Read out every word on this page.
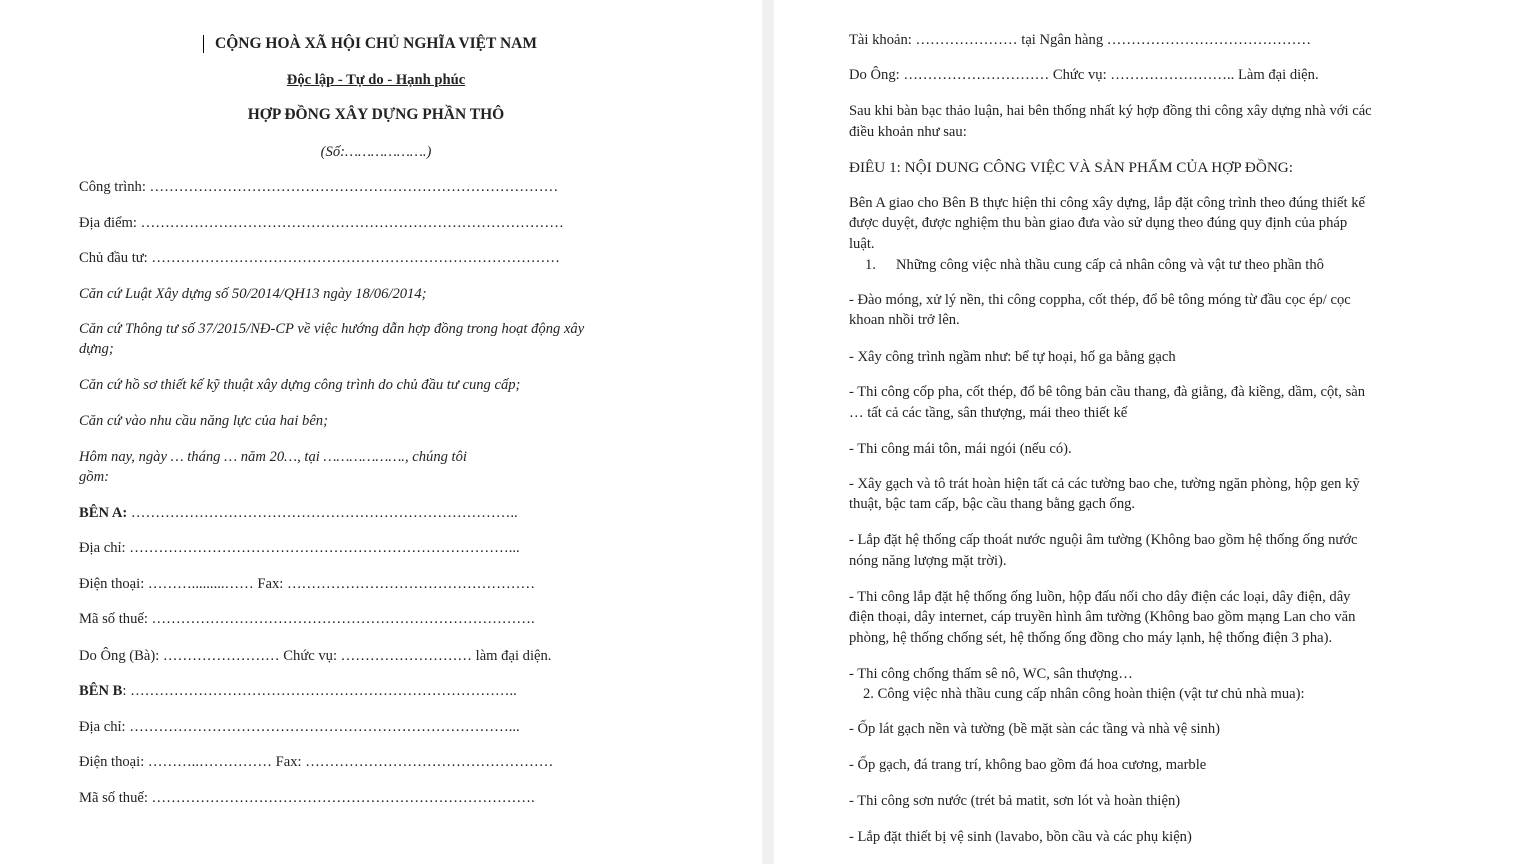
CỘNG HOÀ XÃ HỘI CHỦ NGHĨA VIỆT NAM
Độc lập - Tự do - Hạnh phúc
HỢP ĐỒNG XÂY DỰNG PHẦN THÔ
(Số:……………….)
Công trình: …………………………………………………………………………
Địa điểm: ……………………………………………………………………………
Chủ đầu tư: …………………………………………………………………………
Căn cứ Luật Xây dựng số 50/2014/QH13 ngày 18/06/2014;
Căn cứ Thông tư số 37/2015/NĐ-CP về việc hướng dẫn hợp đồng trong hoạt động xây
dựng;
Căn cứ hồ sơ thiết kế kỹ thuật xây dựng công trình do chủ đầu tư cung cấp;
Căn cứ vào nhu cầu năng lực của hai bên;
Hôm nay, ngày … tháng … năm 20…, tại ………………., chúng tôi
gồm:
BÊN A: ……………………………………………………………………..
Địa chỉ: ……………………………………………………………………...
Điện thoại: ……….........…… Fax: ……………………………………………
Mã số thuế: …………………………………………………………………….
Do Ông (Bà): …………………… Chức vụ: ……………………… làm đại diện.
BÊN B: ……………………………………………………………………..
Địa chỉ: ……………………………………………………………………...
Điện thoại: ………..…………… Fax: ……………………………………………
Mã số thuế: …………………………………………………………………….
Tài khoản: ………………… tại Ngân hàng ……………………………………
Do Ông: ………………………… Chức vụ: …………………….. Làm đại diện.
Sau khi bàn bạc thảo luận, hai bên thống nhất ký hợp đồng thi công xây dựng nhà với các
điều khoản như sau:
ĐIÊU 1: NỘI DUNG CÔNG VIỆC VÀ SẢN PHẨM CỦA HỢP ĐỒNG:
Bên A giao cho Bên B thực hiện thi công xây dựng, lắp đặt công trình theo đúng thiết kế
được duyệt, được nghiệm thu bàn giao đưa vào sử dụng theo đúng quy định của pháp
luật.
1. Những công việc nhà thầu cung cấp cả nhân công và vật tư theo phần thô
- Đào móng, xử lý nền, thi công coppha, cốt thép, đổ bê tông móng từ đầu cọc ép/ cọc
khoan nhồi trở lên.
- Xây công trình ngầm như: bể tự hoại, hố ga bằng gạch
- Thi công cốp pha, cốt thép, đổ bê tông bản cầu thang, đà giằng, đà kiềng, dầm, cột, sàn
… tất cả các tầng, sân thượng, mái theo thiết kế
- Thi công mái tôn, mái ngói (nếu có).
- Xây gạch và tô trát hoàn hiện tất cả các tường bao che, tường ngăn phòng, hộp gen kỹ
thuật, bậc tam cấp, bậc cầu thang bằng gạch ống.
- Lắp đặt hệ thống cấp thoát nước nguội âm tường (Không bao gồm hệ thống ống nước
nóng năng lượng mặt trời).
- Thi công lắp đặt hệ thống ống luồn, hộp đấu nối cho dây điện các loại, dây điện, dây
điện thoại, dây internet, cáp truyền hình âm tường (Không bao gồm mạng Lan cho văn
phòng, hệ thống chống sét, hệ thống ống đồng cho máy lạnh, hệ thống điện 3 pha).
- Thi công chống thấm sê nô, WC, sân thượng…
2. Công việc nhà thầu cung cấp nhân công hoàn thiện (vật tư chủ nhà mua):
- Ốp lát gạch nền và tường (bề mặt sàn các tầng và nhà vệ sinh)
- Ốp gạch, đá trang trí, không bao gồm đá hoa cương, marble
- Thi công sơn nước (trét bả matit, sơn lót và hoàn thiện)
- Lắp đặt thiết bị vệ sinh (lavabo, bồn cầu và các phụ kiện)
